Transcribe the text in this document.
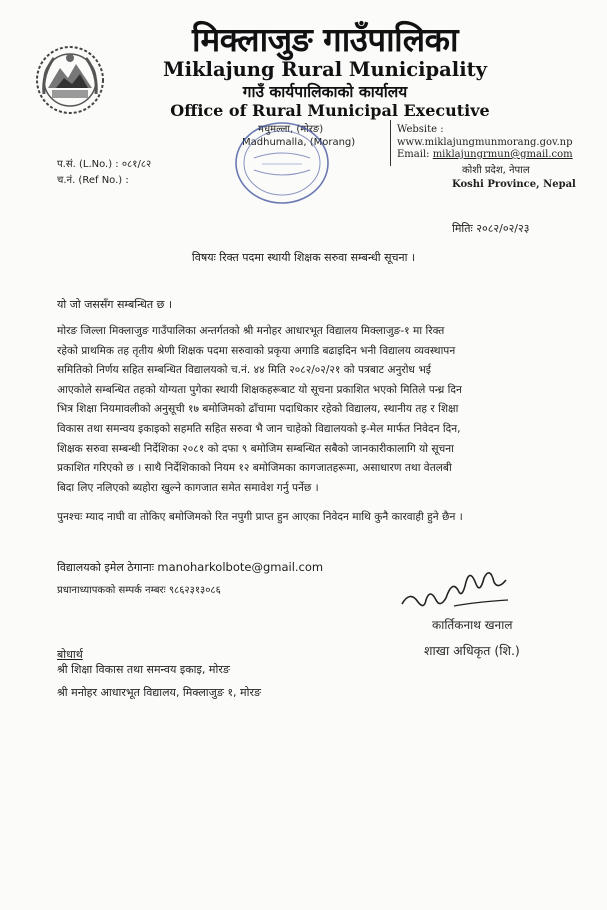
मिक्लाजुङ गाउँपालिका
Miklajung Rural Municipality
गाउँ कार्यपालिकाको कार्यालय
Office of Rural Municipal Executive
मधुमल्ला, (मोरङ)
Madhumalla, (Morang)
Website :
www.miklajungmunmorang.gov.np
Email: miklajungrmun@gmail.com
कोशी प्रदेश, नेपाल
Koshi Province, Nepal
प.सं. (L.No.) : ०८१/८२
च.नं. (Ref No.) :
मितिः २०८२/०२/२३
विषयः रिक्त पदमा स्थायी शिक्षक सरुवा सम्बन्धी सूचना ।
यो जो जससँग सम्बन्धित छ ।

मोरङ जिल्ला मिक्लाजुङ गाउँपालिका अन्तर्गतको श्री मनोहर आधारभूत विद्यालय मिक्लाजुङ-१ मा रिक्त

रहेको प्राथमिक तह तृतीय श्रेणी शिक्षक पदमा सरुवाको प्रकृया अगाडि बढाइदिन भनी विद्यालय व्यवस्थापन

समितिको निर्णय सहित सम्बन्धित विद्यालयको च.नं. ४४ मिति २०८२/०२/२१ को पत्रबाट अनुरोध भई

आएकोले सम्बन्धित तहको योग्यता पुगेका स्थायी शिक्षकहरूबाट यो सूचना प्रकाशित भएको मितिले पन्ध्र दिन

भित्र शिक्षा नियमावलीको अनुसूची १७ बमोजिमको ढाँचामा पदाधिकार रहेको विद्यालय, स्थानीय तह र शिक्षा

विकास तथा समन्वय इकाइको सहमति सहित सरुवा भै जान चाहेको विद्यालयको इ-मेल मार्फत निवेदन दिन,

शिक्षक सरुवा सम्बन्धी निर्देशिका २०८१ को दफा ९ बमोजिम सम्बन्धित सबैको जानकारीकालागि यो सूचना

प्रकाशित गरिएको छ । साथै निर्देशिकाको नियम १२ बमोजिमका कागजातहरूमा, असाधारण तथा वेतलबी

बिदा लिए नलिएको ब्यहोरा खुल्ने कागजात समेत समावेश गर्नु पर्नेछ ।

पुनश्चः म्याद नाघी वा तोकिए बमोजिमको रित नपुगी प्राप्त हुन आएका निवेदन माथि कुनै कारवाही हुने छैन ।
विद्यालयको इमेल ठेगानाः manoharkolbote@gmail.com
प्रधानाध्यापकको सम्पर्क नम्बरः ९८६२३१३०८६
कार्तिकनाथ खनाल
शाखा अधिकृत (शि.)
बोधार्थ
श्री शिक्षा विकास तथा समन्वय इकाइ, मोरङ
श्री मनोहर आधारभूत विद्यालय, मिक्लाजुङ १, मोरङ
